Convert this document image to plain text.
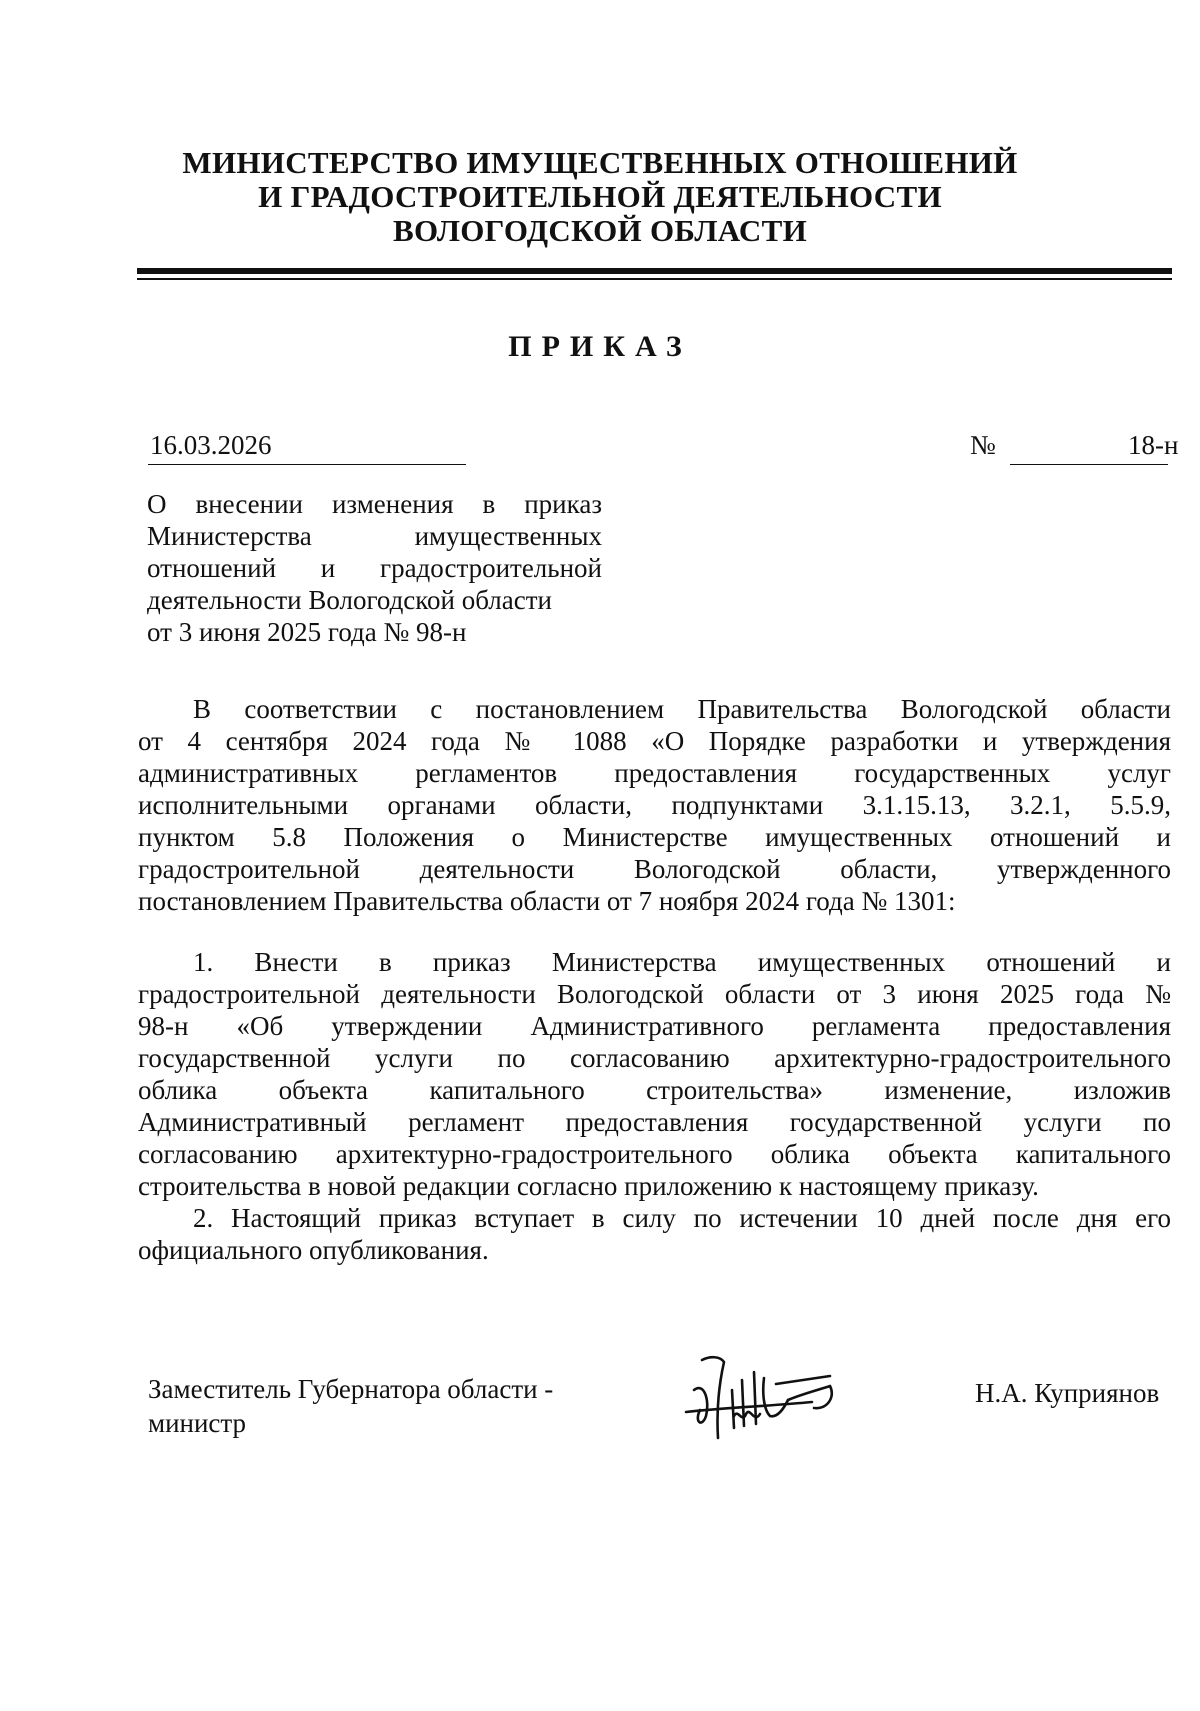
МИНИСТЕРСТВО ИМУЩЕСТВЕННЫХ ОТНОШЕНИЙ
И ГРАДОСТРОИТЕЛЬНОЙ ДЕЯТЕЛЬНОСТИ
ВОЛОГОДСКОЙ ОБЛАСТИ
ПРИКАЗ
16.03.2026	№	18-н
О внесении изменения в приказ
Министерства имущественных
отношений и градостроительной
деятельности Вологодской области
от 3 июня 2025 года № 98-н
В соответствии с постановлением Правительства Вологодской области
от 4 сентября 2024 года № 1088 «О Порядке разработки и утверждения
административных регламентов предоставления государственных услуг
исполнительными органами области, подпунктами 3.1.15.13, 3.2.1, 5.5.9,
пунктом 5.8 Положения о Министерстве имущественных отношений и
градостроительной деятельности Вологодской области, утвержденного
постановлением Правительства области от 7 ноября 2024 года № 1301:
1. Внести в приказ Министерства имущественных отношений и
градостроительной деятельности Вологодской области от 3 июня 2025 года №
98-н «Об утверждении Административного регламента предоставления
государственной услуги по согласованию архитектурно-градостроительного
облика объекта капитального строительства» изменение, изложив
Административный регламент предоставления государственной услуги по
согласованию архитектурно-градостроительного облика объекта капитального
строительства в новой редакции согласно приложению к настоящему приказу.
2. Настоящий приказ вступает в силу по истечении 10 дней после дня его
официального опубликования.
Заместитель Губернатора области -
министр
Н.А. Куприянов
